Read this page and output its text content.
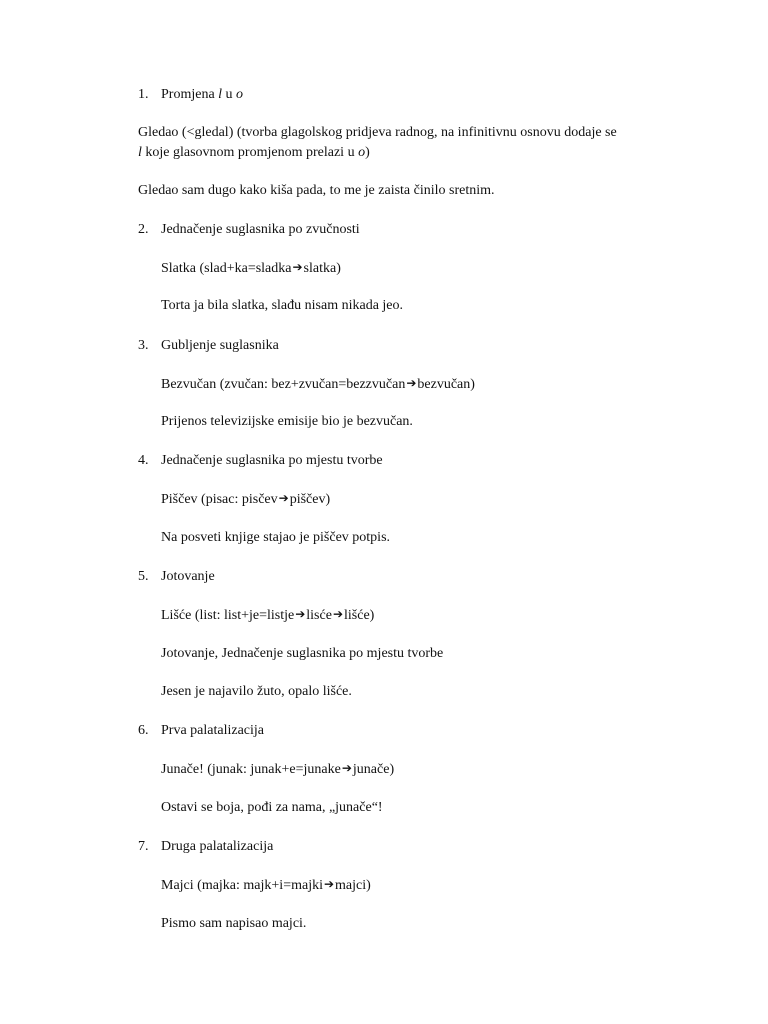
1. Promjena l u o
Gledao (<gledal) (tvorba glagolskog pridjeva radnog, na infinitivnu osnovu dodaje se
l koje glasovnom promjenom prelazi u o)
Gledao sam dugo kako kiša pada, to me je zaista činilo sretnim.
2. Jednačenje suglasnika po zvučnosti
Slatka (slad+ka=sladka➔slatka)
Torta ja bila slatka, slađu nisam nikada jeo.
3. Gubljenje suglasnika
Bezvučan (zvučan: bez+zvučan=bezzvučan➔bezvučan)
Prijenos televizijske emisije bio je bezvučan.
4. Jednačenje suglasnika po mjestu tvorbe
Piščev (pisac: pisčev➔piščev)
Na posveti knjige stajao je piščev potpis.
5. Jotovanje
Lišće (list: list+je=listje➔lisće➔lišće)
Jotovanje, Jednačenje suglasnika po mjestu tvorbe
Jesen je najavilo žuto, opalo lišće.
6. Prva palatalizacija
Junače! (junak: junak+e=junake➔junače)
Ostavi se boja, pođi za nama, „junače“!
7. Druga palatalizacija
Majci (majka: majk+i=majki➔majci)
Pismo sam napisao majci.
